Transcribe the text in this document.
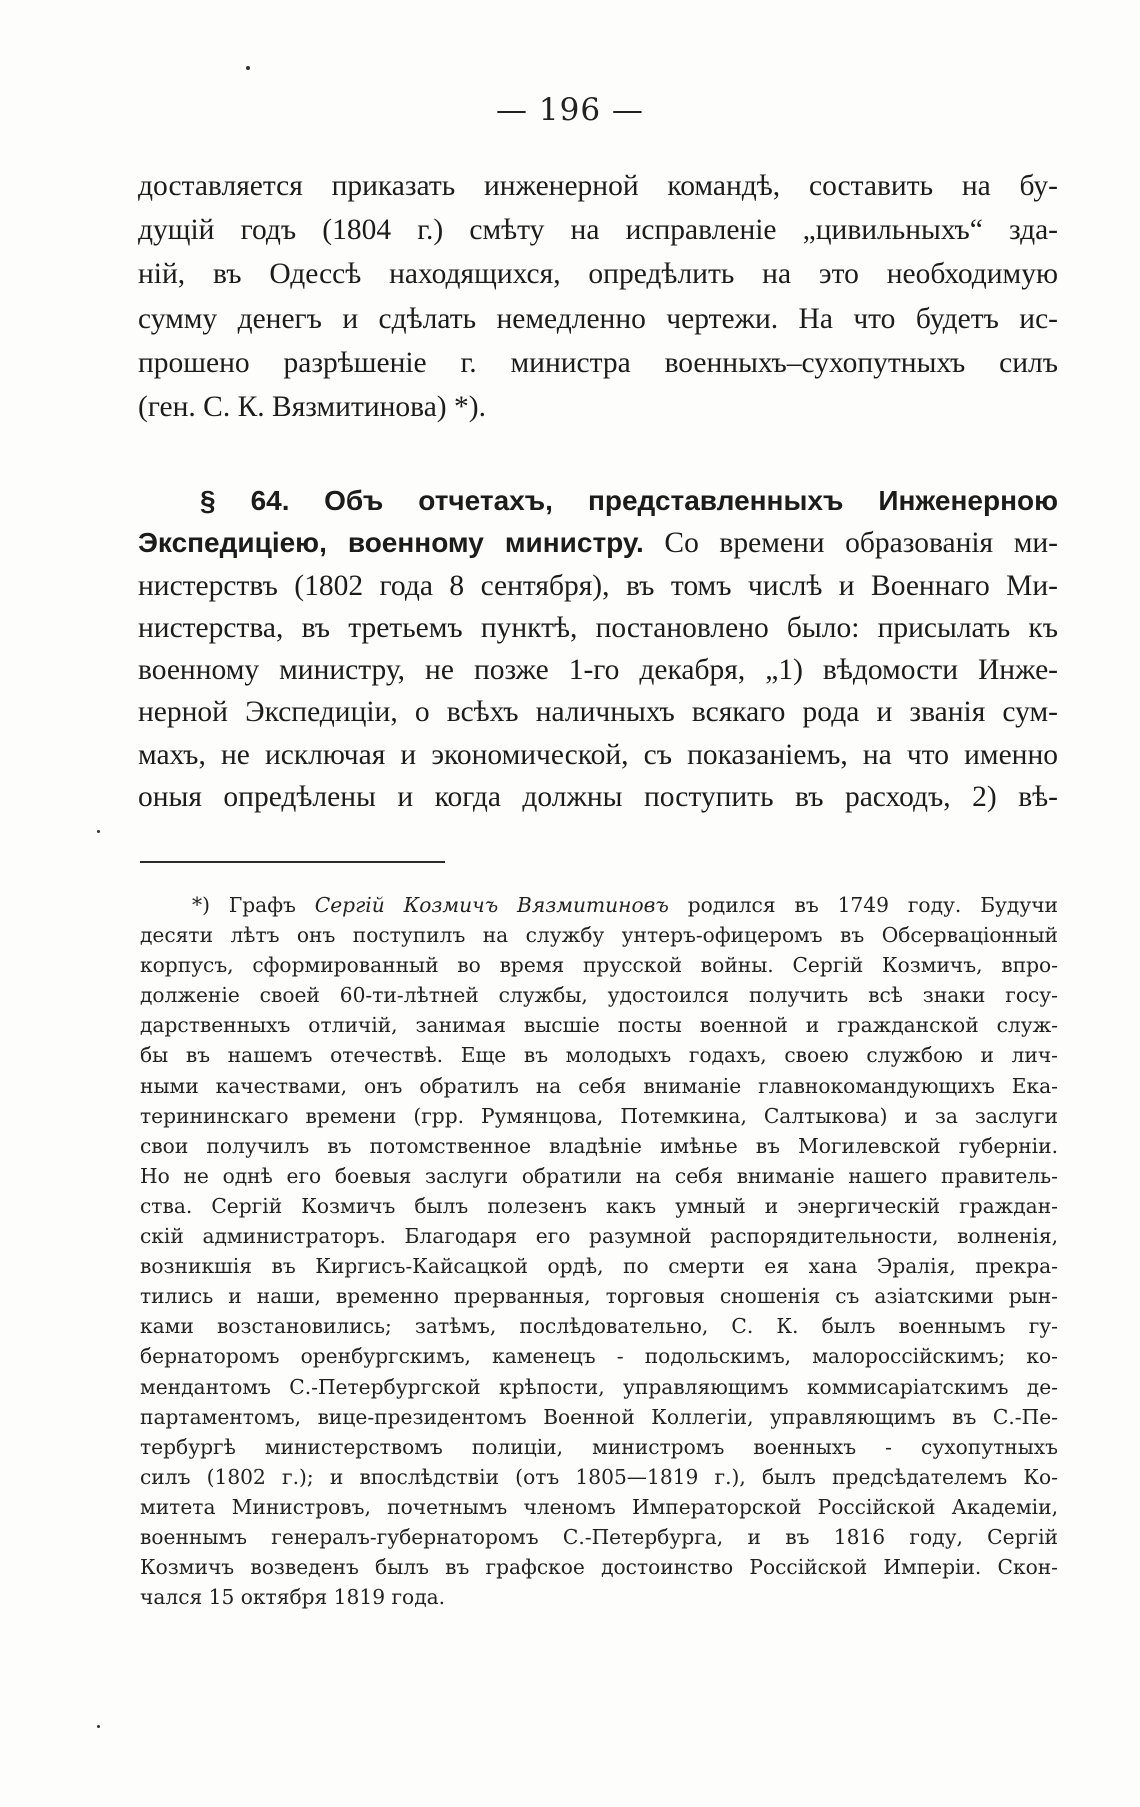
— 196 —
доставляется приказать инженерной командѣ, составить на бу-
дущій годъ (1804 г.) смѣту на исправленіе „цивильныхъ“ зда-
ній, въ Одессѣ находящихся, опредѣлить на это необходимую
сумму денегъ и сдѣлать немедленно чертежи. На что будетъ ис-
прошено разрѣшеніе г. министра военныхъ–сухопутныхъ силъ
(ген. С. К. Вязмитинова) *).
§ 64. Объ отчетахъ, представленныхъ Инженерною
Экспедиціею, военному министру. Со времени образованія ми-
нистерствъ (1802 года 8 сентября), въ томъ числѣ и Военнаго Ми-
нистерства, въ третьемъ пунктѣ, постановлено было: присылать къ
военному министру, не позже 1-го декабря, „1) вѣдомости Инже-
нерной Экспедиціи, о всѣхъ наличныхъ всякаго рода и званія сум-
махъ, не исключая и экономической, съ показаніемъ, на что именно
оныя опредѣлены и когда должны поступить въ расходъ, 2) вѣ-
*) Графъ Сергій Козмичъ Вязмитиновъ родился въ 1749 году. Будучи
десяти лѣтъ онъ поступилъ на службу унтеръ-офицеромъ въ Обсерваціонный
корпусъ, сформированный во время прусской войны. Сергій Козмичъ, впро-
долженіе своей 60-ти-лѣтней службы, удостоился получить всѣ знаки госу-
дарственныхъ отличій, занимая высшіе посты военной и гражданской служ-
бы въ нашемъ отечествѣ. Еще въ молодыхъ годахъ, своею службою и лич-
ными качествами, онъ обратилъ на себя вниманіе главнокомандующихъ Ека-
терининскаго времени (грр. Румянцова, Потемкина, Салтыкова) и за заслуги
свои получилъ въ потомственное владѣніе имѣнье въ Могилевской губерніи.
Но не однѣ его боевыя заслуги обратили на себя вниманіе нашего правитель-
ства. Сергій Козмичъ былъ полезенъ какъ умный и энергическій граждан-
скій администраторъ. Благодаря его разумной распорядительности, волненія,
возникшія въ Киргисъ-Кайсацкой ордѣ, по смерти ея хана Эралія, прекра-
тились и наши, временно прерванныя, торговыя сношенія съ азіатскими рын-
ками возстановились; затѣмъ, послѣдовательно, С. К. былъ военнымъ гу-
бернаторомъ оренбургскимъ, каменецъ - подольскимъ, малороссійскимъ; ко-
мендантомъ С.-Петербургской крѣпости, управляющимъ коммисаріатскимъ де-
партаментомъ, вице-президентомъ Военной Коллегіи, управляющимъ въ С.-Пе-
тербургѣ министерствомъ полиціи, министромъ военныхъ - сухопутныхъ
силъ (1802 г.); и впослѣдствіи (отъ 1805—1819 г.), былъ предсѣдателемъ Ко-
митета Министровъ, почетнымъ членомъ Императорской Россійской Академіи,
военнымъ генералъ-губернаторомъ С.-Петербурга, и въ 1816 году, Сергій
Козмичъ возведенъ былъ въ графское достоинство Россійской Имперіи. Скон-
чался 15 октября 1819 года.
